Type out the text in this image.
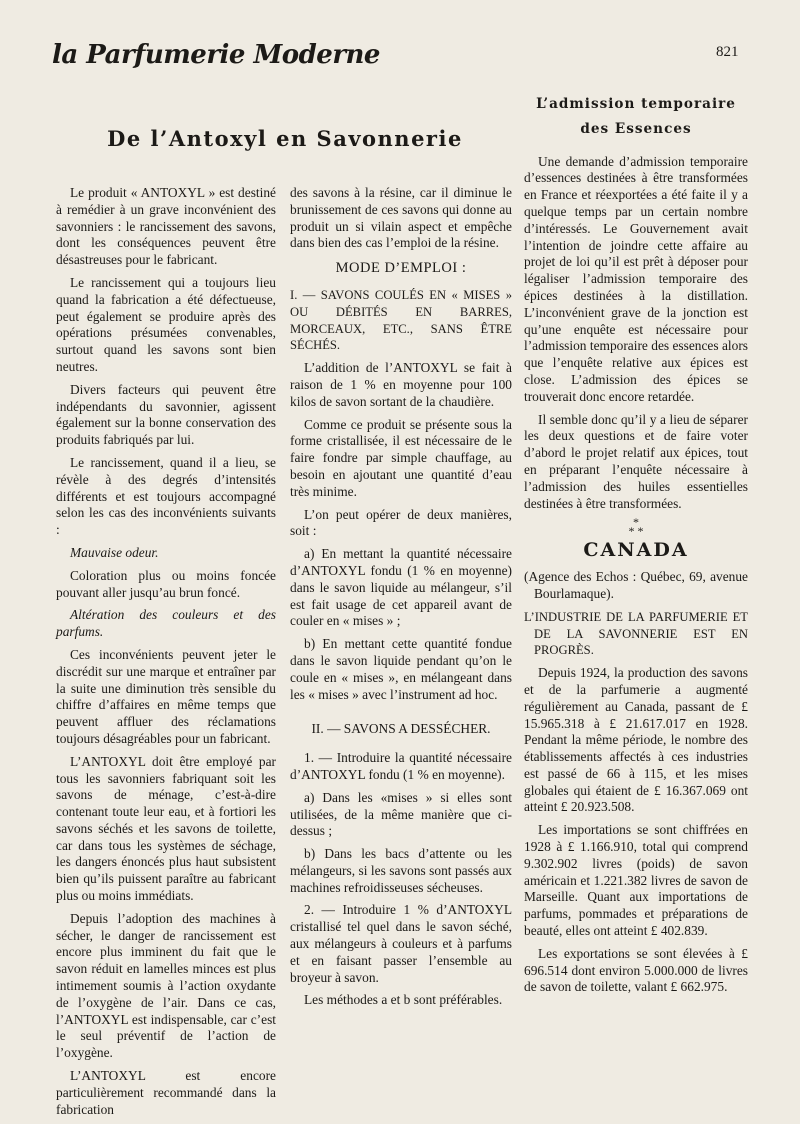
la Parfumerie Moderne	821
De l’Antoxyl en Savonnerie

Le produit « ANTOXYL » est destiné à remédier à un grave inconvénient des savonniers : le rancissement des savons, dont les conséquences peuvent être désastreuses pour le fabricant.

Le rancissement qui a toujours lieu quand la fabrication a été défectueuse, peut également se produire après des opérations présumées convenables, surtout quand les savons sont bien neutres.

Divers facteurs qui peuvent être indépendants du savonnier, agissent également sur la bonne conservation des produits fabriqués par lui.

Le rancissement, quand il a lieu, se révèle à des degrés d’intensités différents et est toujours accompagné selon les cas des inconvénients suivants :

Mauvaise odeur.

Coloration plus ou moins foncée pouvant aller jusqu’au brun foncé.

Altération des couleurs et des parfums.

Ces inconvénients peuvent jeter le discrédit sur une marque et entraîner par la suite une diminution très sensible du chiffre d’affaires en même temps que peuvent affluer des réclamations toujours désagréables pour un fabricant.

L’ANTOXYL doit être employé par tous les savonniers fabriquant soit les savons de ménage, c’est-à-dire contenant toute leur eau, et à fortiori les savons séchés et les savons de toilette, car dans tous les systèmes de séchage, les dangers énoncés plus haut subsistent bien qu’ils puissent paraître au fabricant plus ou moins immédiats.

Depuis l’adoption des machines à sécher, le danger de rancissement est encore plus imminent du fait que le savon réduit en lamelles minces est plus intimement soumis à l’action oxydante de l’oxygène de l’air. Dans ce cas, l’ANTOXYL est indispensable, car c’est le seul préventif de l’action de l’oxygène.

L’ANTOXYL est encore particulièrement recommandé dans la fabrication

des savons à la résine, car il diminue le brunissement de ces savons qui donne au produit un si vilain aspect et empêche dans bien des cas l’emploi de la résine.

MODE D’EMPLOI :

I. — SAVONS COULÉS EN « MISES » OU DÉBITÉS EN BARRES, MORCEAUX, ETC., SANS ÊTRE SÉCHÉS.

L’addition de l’ANTOXYL se fait à raison de 1 % en moyenne pour 100 kilos de savon sortant de la chaudière.

Comme ce produit se présente sous la forme cristallisée, il est nécessaire de le faire fondre par simple chauffage, au besoin en ajoutant une quantité d’eau très minime.

L’on peut opérer de deux manières, soit :

a) En mettant la quantité nécessaire d’ANTOXYL fondu (1 % en moyenne) dans le savon liquide au mélangeur, s’il est fait usage de cet appareil avant de couler en « mises » ;

b) En mettant cette quantité fondue dans le savon liquide pendant qu’on le coule en « mises », en mélangeant dans les « mises » avec l’instrument ad hoc.

II. — SAVONS A DESSÉCHER.

1. — Introduire la quantité nécessaire d’ANTOXYL fondu (1 % en moyenne).

a) Dans les «mises » si elles sont utilisées, de la même manière que ci-dessus ;

b) Dans les bacs d’attente ou les mélangeurs, si les savons sont passés aux machines refroidisseuses sécheuses.

2. — Introduire 1 % d’ANTOXYL cristallisé tel quel dans le savon séché, aux mélangeurs à couleurs et à parfums et en faisant passer l’ensemble au broyeur à savon.

Les méthodes a et b sont préférables.

L’admission temporaire

des Essences

Une demande d’admission temporaire d’essences destinées à être transformées en France et réexportées a été faite il y a quelque temps par un certain nombre d’intéressés. Le Gouvernement avait l’intention de joindre cette affaire au projet de loi qu’il est prêt à déposer pour légaliser l’admission temporaire des épices destinées à la distillation. L’inconvénient grave de la jonction est qu’une enquête est nécessaire pour l’admission temporaire des essences alors que l’enquête relative aux épices est close. L’admission des épices se trouverait donc encore retardée.

Il semble donc qu’il y a lieu de séparer les deux questions et de faire voter d’abord le projet relatif aux épices, tout en préparant l’enquête nécessaire à l’admission des huiles essentielles destinées à être transformées.

*
* *

CANADA

(Agence des Echos : Québec, 69, avenue Bourlamaque).

L’INDUSTRIE DE LA PARFUMERIE ET DE LA SAVONNERIE EST EN PROGRÈS.

Depuis 1924, la production des savons et de la parfumerie a augmenté régulièrement au Canada, passant de £ 15.965.318 à £ 21.617.017 en 1928. Pendant la même période, le nombre des établissements affectés à ces industries est passé de 66 à 115, et les mises globales qui étaient de £ 16.367.069 ont atteint £ 20.923.508.

Les importations se sont chiffrées en 1928 à £ 1.166.910, total qui comprend 9.302.902 livres (poids) de savon américain et 1.221.382 livres de savon de Marseille. Quant aux importations de parfums, pommades et préparations de beauté, elles ont atteint £ 402.839.

Les exportations se sont élevées à £ 696.514 dont environ 5.000.000 de livres de savon de toilette, valant £ 662.975.
